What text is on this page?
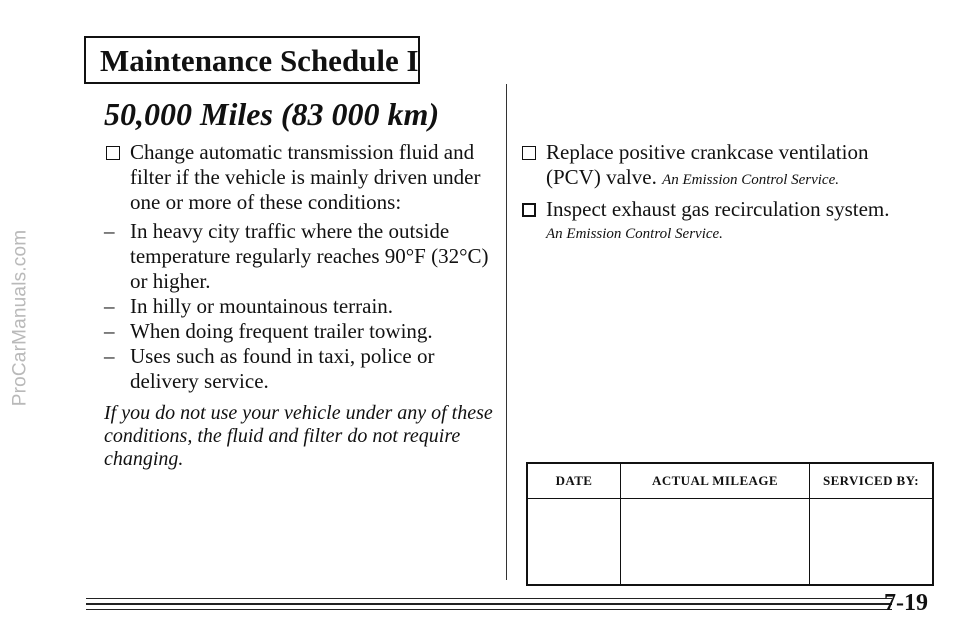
ProCarManuals.com
Maintenance Schedule I
50,000 Miles (83 000 km)
Change automatic transmission fluid and filter if the vehicle is mainly driven under one or more of these conditions:
– In heavy city traffic where the outside temperature regularly reaches 90°F (32°C) or higher.
– In hilly or mountainous terrain.
– When doing frequent trailer towing.
– Uses such as found in taxi, police or delivery service.
If you do not use your vehicle under any of these conditions, the fluid and filter do not require changing.
Replace positive crankcase ventilation (PCV) valve. An Emission Control Service.
Inspect exhaust gas recirculation system.
An Emission Control Service.
DATE	ACTUAL MILEAGE	SERVICED BY:

7-19
